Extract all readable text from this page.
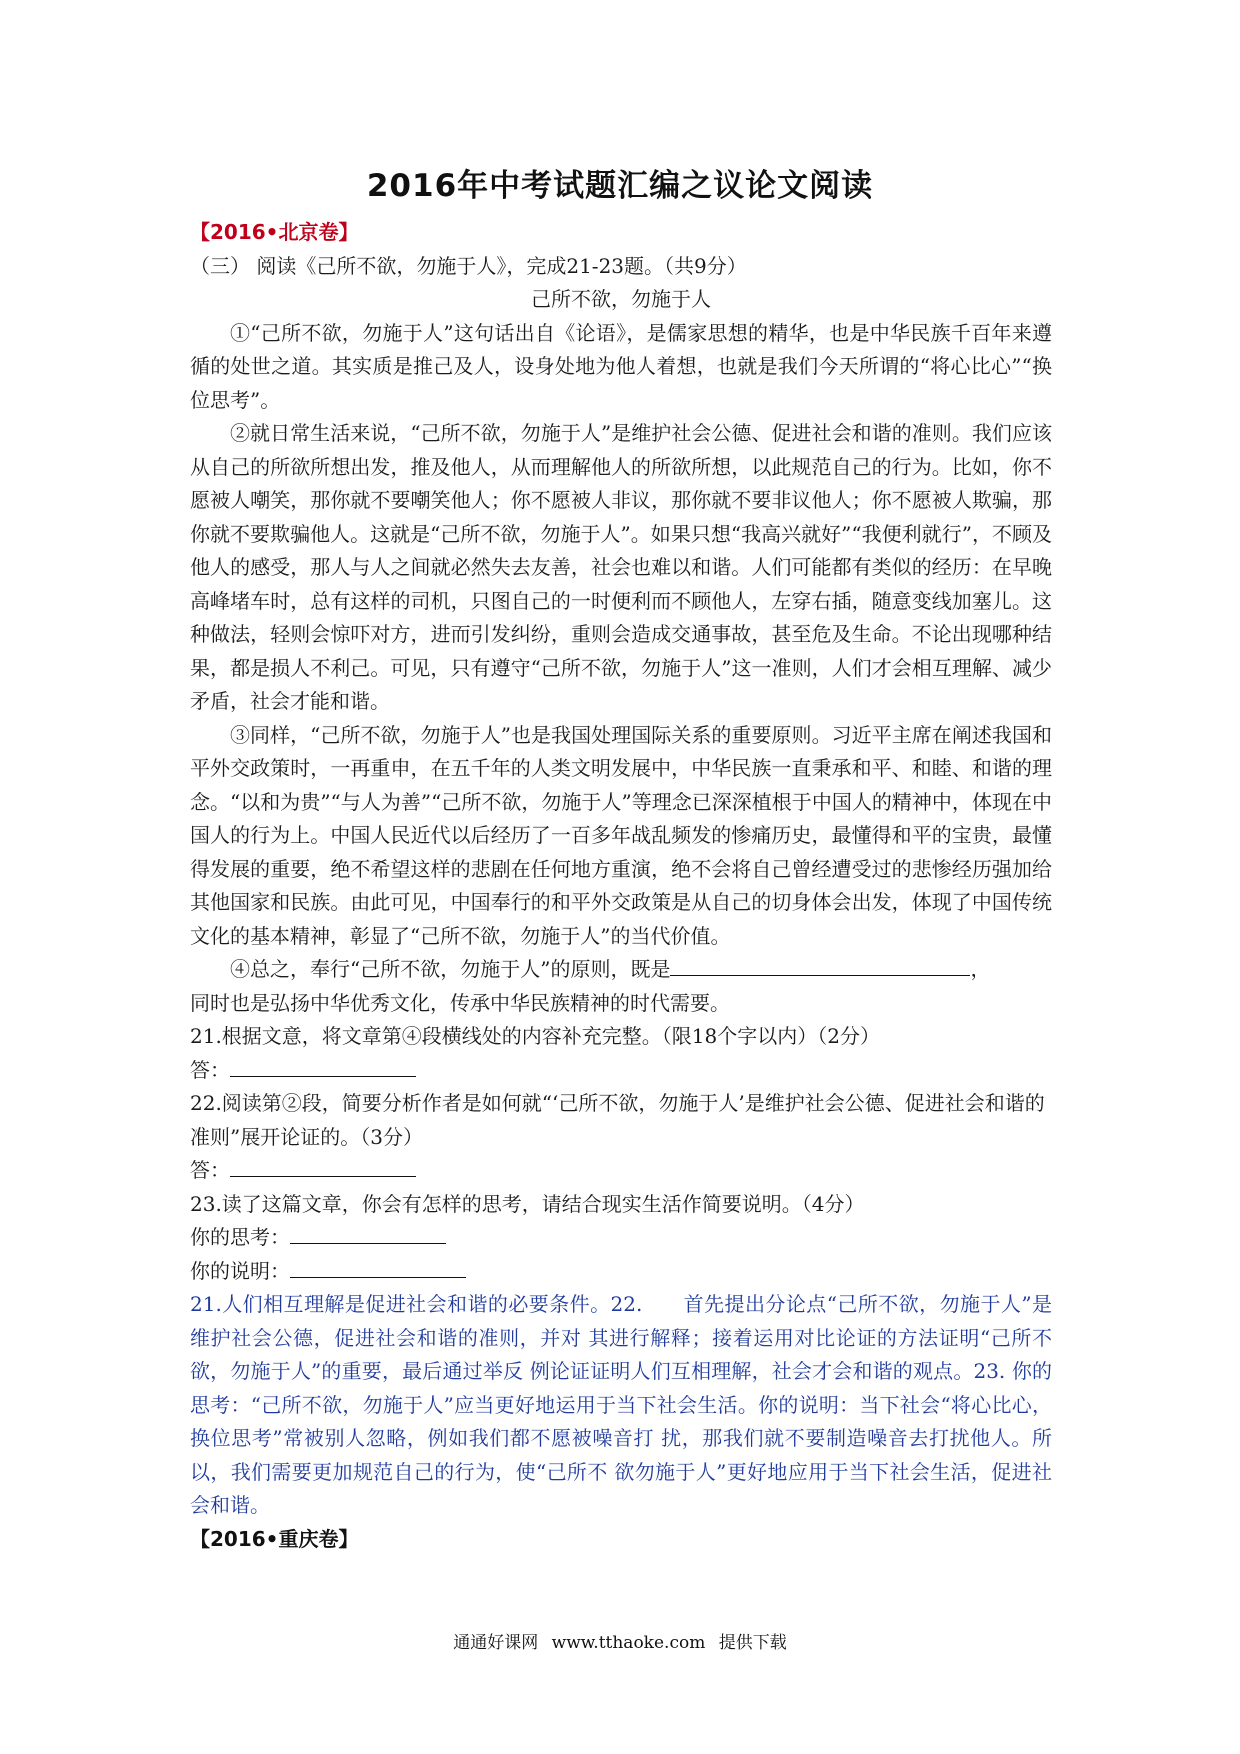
2016年中考试题汇编之议论文阅读

【2016•北京卷】

（三） 阅读《己所不欲，勿施于人》，完成21-23题。（共9分）

己所不欲，勿施于人

①“己所不欲，勿施于人”这句话出自《论语》，是儒家思想的精华，也是中华民族千百年来遵循的处世之道。其实质是推己及人，设身处地为他人着想，也就是我们今天所谓的“将心比心”“换位思考”。

②就日常生活来说，“己所不欲，勿施于人”是维护社会公德、促进社会和谐的准则。我们应该从自己的所欲所想出发，推及他人，从而理解他人的所欲所想，以此规范自己的行为。比如，你不愿被人嘲笑，那你就不要嘲笑他人；你不愿被人非议，那你就不要非议他人；你不愿被人欺骗，那你就不要欺骗他人。这就是“己所不欲，勿施于人”。如果只想“我高兴就好”“我便利就行”，不顾及他人的感受，那人与人之间就必然失去友善，社会也难以和谐。人们可能都有类似的经历：在早晚高峰堵车时，总有这样的司机，只图自己的一时便利而不顾他人，左穿右插，随意变线加塞儿。这种做法，轻则会惊吓对方，进而引发纠纷，重则会造成交通事故，甚至危及生命。不论出现哪种结果，都是损人不利己。可见，只有遵守“己所不欲，勿施于人”这一准则，人们才会相互理解、减少矛盾，社会才能和谐。

③同样，“己所不欲，勿施于人”也是我国处理国际关系的重要原则。习近平主席在阐述我国和平外交政策时，一再重申，在五千年的人类文明发展中，中华民族一直秉承和平、和睦、和谐的理念。“以和为贵”“与人为善”“己所不欲，勿施于人”等理念已深深植根于中国人的精神中，体现在中国人的行为上。中国人民近代以后经历了一百多年战乱频发的惨痛历史，最懂得和平的宝贵，最懂得发展的重要，绝不希望这样的悲剧在任何地方重演，绝不会将自己曾经遭受过的悲惨经历强加给其他国家和民族。由此可见，中国奉行的和平外交政策是从自己的切身体会出发，体现了中国传统文化的基本精神，彰显了“己所不欲，勿施于人”的当代价值。

④总之，奉行“己所不欲，勿施于人”的原则，既是	，

同时也是弘扬中华优秀文化，传承中华民族精神的时代需要。

21.根据文意，将文章第④段横线处的内容补充完整。（限18个字以内）（2分）

答：

22.阅读第②段，简要分析作者是如何就“‘己所不欲，勿施于人’是维护社会公德、促进社会和谐的准则”展开论证的。（3分）

答：

23.读了这篇文章，你会有怎样的思考，请结合现实生活作简要说明。（4分）

你的思考：

你的说明：

21.人们相互理解是促进社会和谐的必要条件。22.　　首先提出分论点“己所不欲，勿施于人”是维护社会公德，促进社会和谐的准则，并对 其进行解释；接着运用对比论证的方法证明“己所不欲，勿施于人”的重要，最后通过举反 例论证证明人们互相理解，社会才会和谐的观点。23. 你的思考：“己所不欲，勿施于人”应当更好地运用于当下社会生活。你的说明：当下社会“将心比心，换位思考”常被别人忽略，例如我们都不愿被噪音打 扰，那我们就不要制造噪音去打扰他人。所以，我们需要更加规范自己的行为，使“己所不 欲勿施于人”更好地应用于当下社会生活，促进社会和谐。

【2016•重庆卷】

通通好课网 www.tthaoke.com 提供下载
